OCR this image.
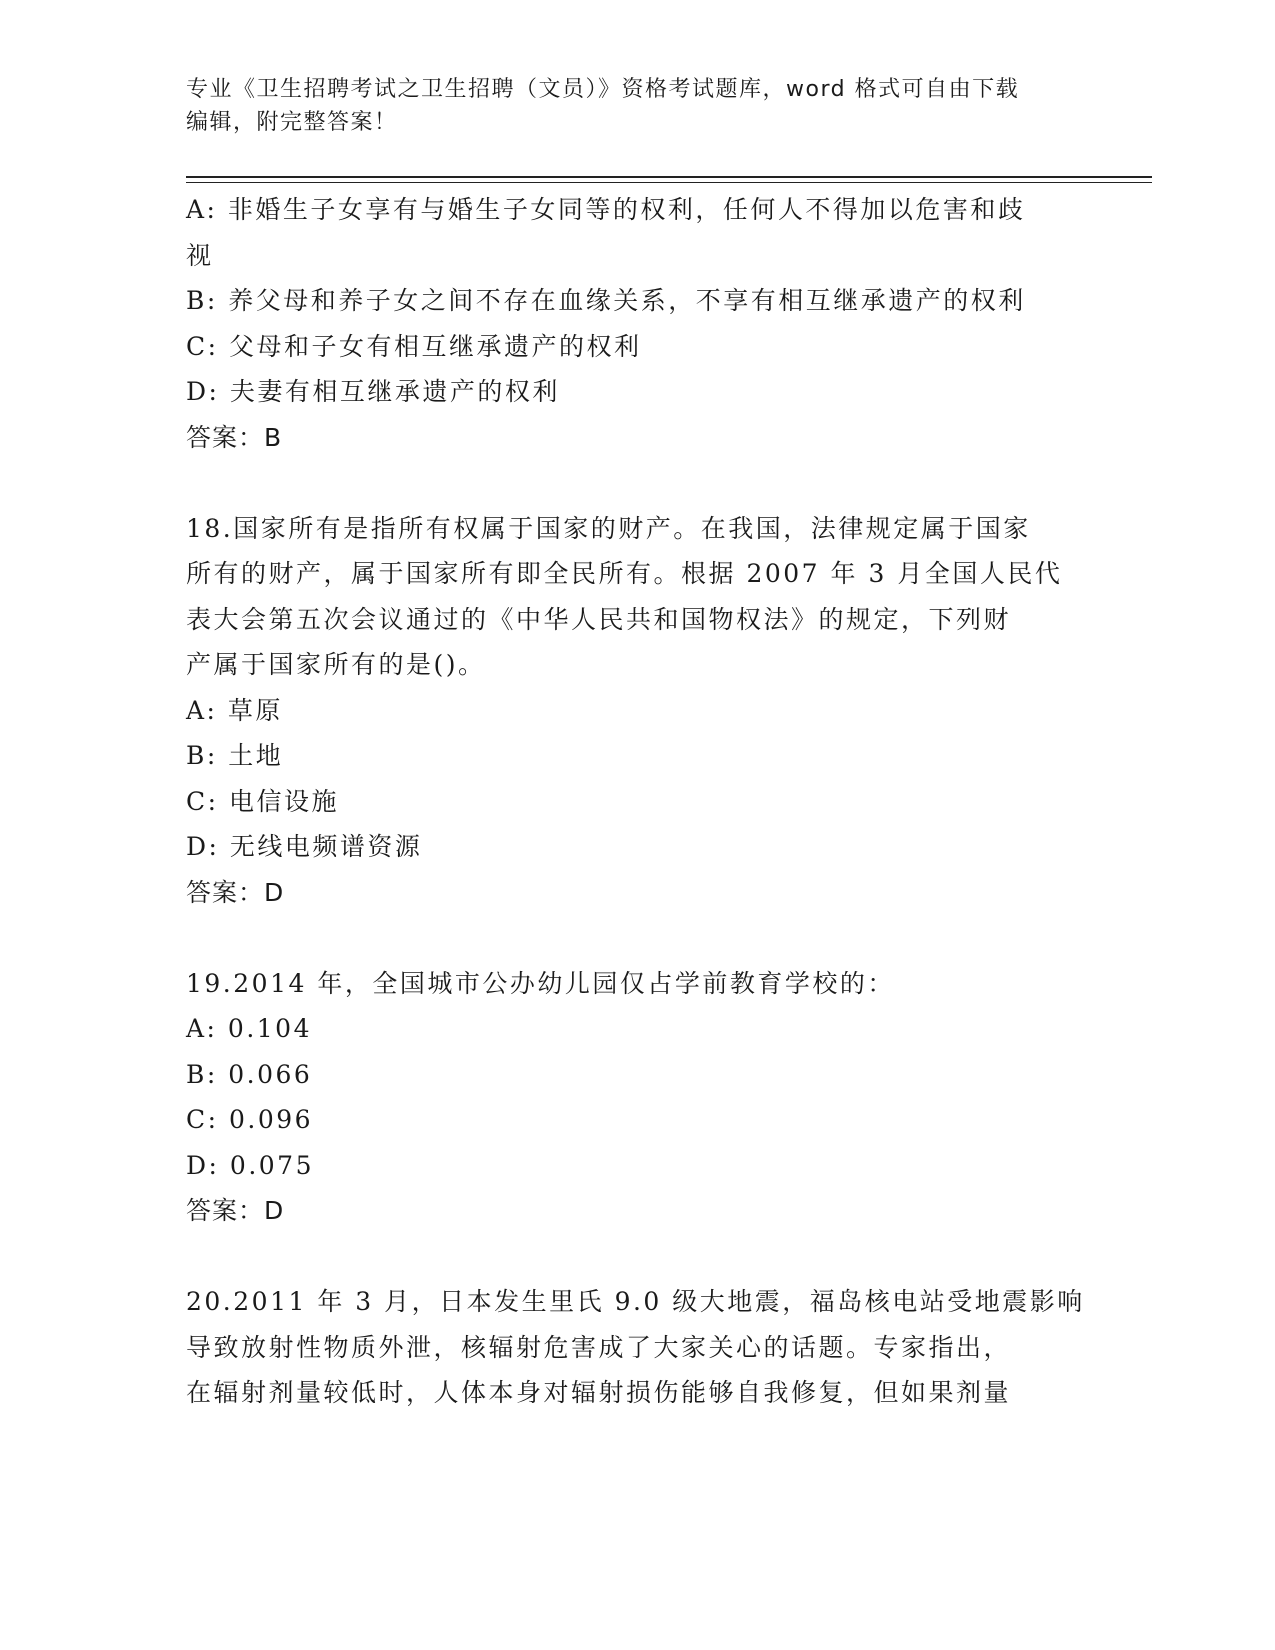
专业《卫生招聘考试之卫生招聘（文员）》资格考试题库，word 格式可自由下载
编辑，附完整答案！
A: 非婚生子女享有与婚生子女同等的权利，任何人不得加以危害和歧
视
B: 养父母和养子女之间不存在血缘关系，不享有相互继承遗产的权利
C: 父母和子女有相互继承遗产的权利
D: 夫妻有相互继承遗产的权利
答案：B
18.国家所有是指所有权属于国家的财产。在我国，法律规定属于国家
所有的财产，属于国家所有即全民所有。根据 2007 年 3 月全国人民代
表大会第五次会议通过的《中华人民共和国物权法》的规定，下列财
产属于国家所有的是()。
A: 草原
B: 土地
C: 电信设施
D: 无线电频谱资源
答案：D
19.2014 年，全国城市公办幼儿园仅占学前教育学校的：
A: 0.104
B: 0.066
C: 0.096
D: 0.075
答案：D
20.2011 年 3 月，日本发生里氏 9.0 级大地震，福岛核电站受地震影响
导致放射性物质外泄，核辐射危害成了大家关心的话题。专家指出，
在辐射剂量较低时，人体本身对辐射损伤能够自我修复，但如果剂量
